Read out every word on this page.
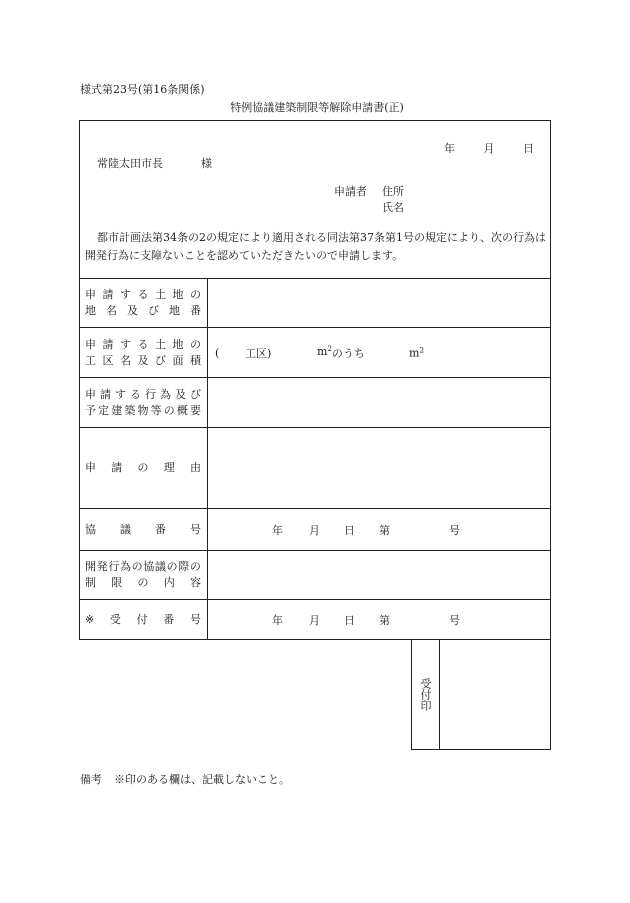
様式第23号(第16条関係)
特例協議建築制限等解除申請書(正)
年	月	日
常陸太田市長	様
申請者 住所
氏名
都市計画法第34条の2の規定により適用される同法第37条第1号の規定により、次の行為は開発行為に支障ないことを認めていただきたいので申請します。
申 請 す る 土 地 の
地 名 及 び 地 番
申 請 す る 土 地 の
工 区 名 及 び 面 積
( 工区)	m 2 のうち	m 2
申 請 す る 行 為 及 び
予 定 建 築 物 等 の 概 要
申 請 の 理 由
協 議 番 号	年 月 日 第	号
開 発 行 為 の 協 議 の 際 の
制 限 の 内 容
※ 受 付 番 号	年 月 日 第	号
受付印
備考 ※印のある欄は、記載しないこと。
